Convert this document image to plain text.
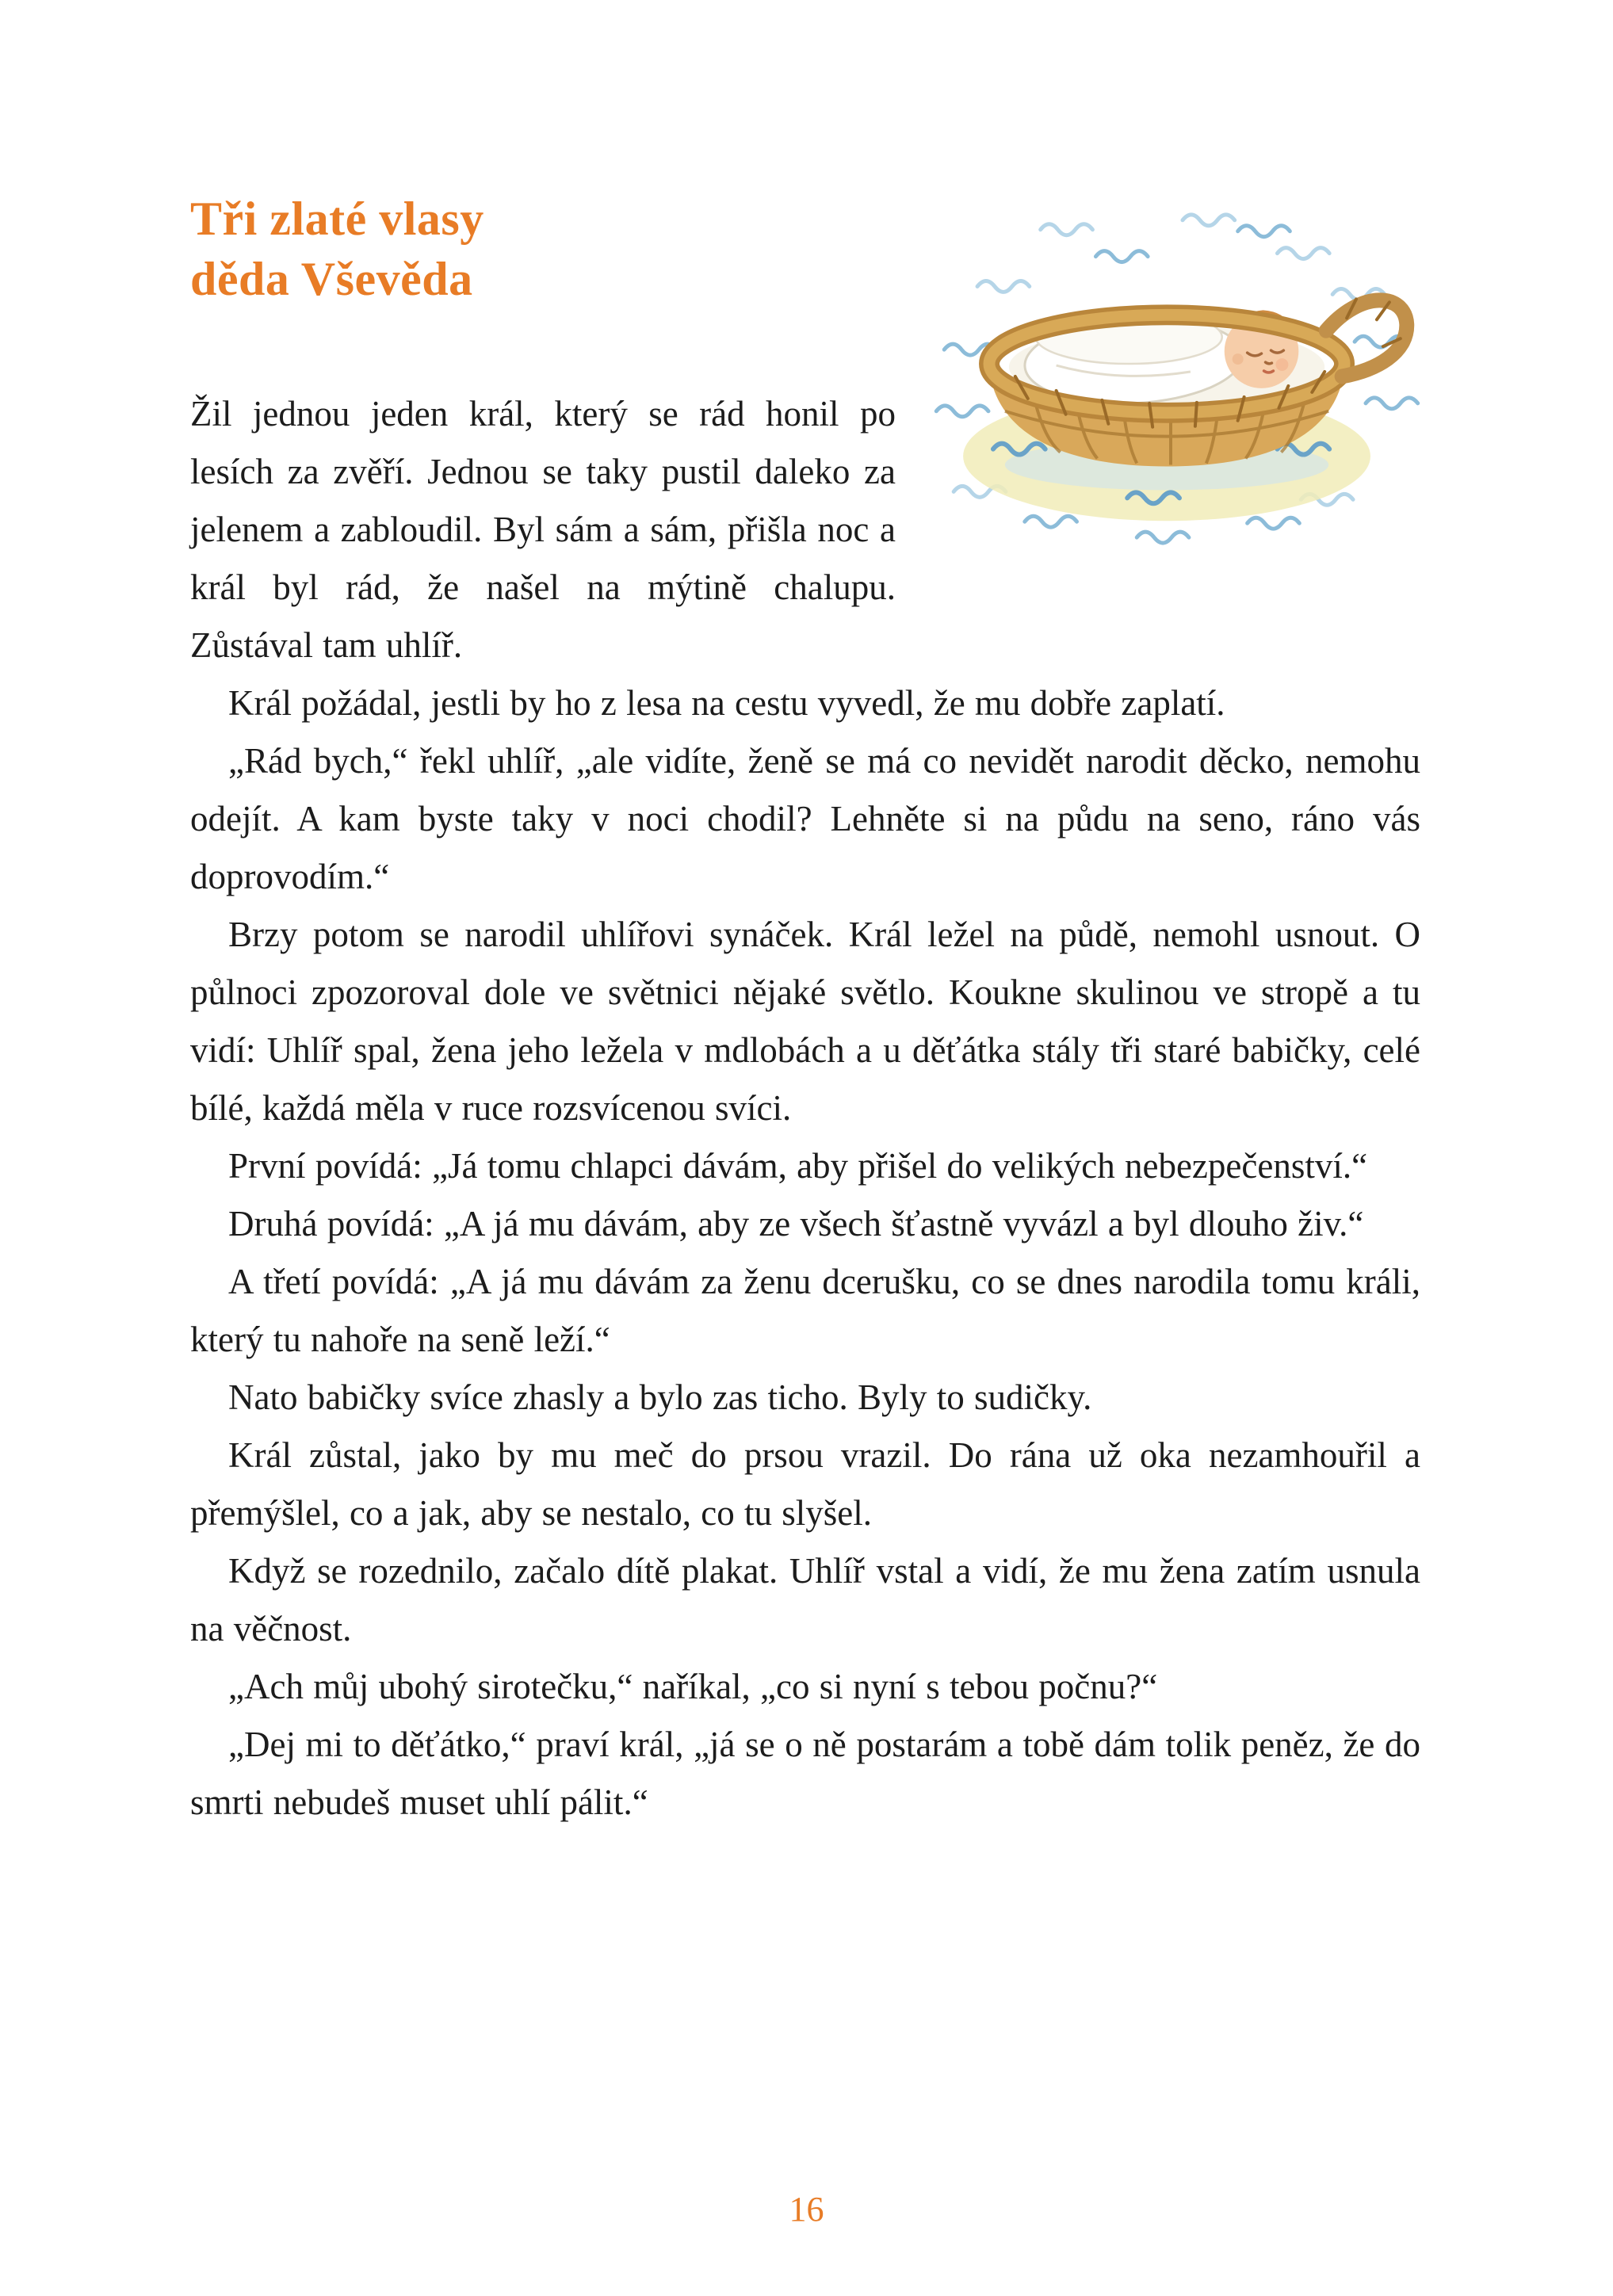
Tři zlaté vlasy
děda Vševěda

Žil jednou jeden král, který se rád honil po lesích za zvěří. Jednou se taky pustil daleko za jelenem a zabloudil. Byl sám a sám, přišla noc a král byl rád, že našel na mýtině chalupu. Zůstával tam uhlíř.

Král požádal, jestli by ho z lesa na cestu vyvedl, že mu dobře zaplatí.

„Rád bych,“ řekl uhlíř, „ale vidíte, ženě se má co nevidět narodit děcko, nemohu odejít. A kam byste taky v noci chodil? Lehněte si na půdu na seno, ráno vás doprovodím.“

Brzy potom se narodil uhlířovi synáček. Král ležel na půdě, nemohl usnout. O půlnoci zpozoroval dole ve světnici nějaké světlo. Koukne skulinou ve stropě a tu vidí: Uhlíř spal, žena jeho ležela v mdlobách a u děťátka stály tři staré babičky, celé bílé, každá měla v ruce rozsvícenou svíci.

První povídá: „Já tomu chlapci dávám, aby přišel do velikých nebezpečenství.“

Druhá povídá: „A já mu dávám, aby ze všech šťastně vyvázl a byl dlouho živ.“

A třetí povídá: „A já mu dávám za ženu dcerušku, co se dnes narodila tomu králi, který tu nahoře na seně leží.“

Nato babičky svíce zhasly a bylo zas ticho. Byly to sudičky.

Král zůstal, jako by mu meč do prsou vrazil. Do rána už oka nezamhouřil a přemýšlel, co a jak, aby se nestalo, co tu slyšel.

Když se rozednilo, začalo dítě plakat. Uhlíř vstal a vidí, že mu žena zatím usnula na věčnost.

„Ach můj ubohý sirotečku,“ naříkal, „co si nyní s tebou počnu?“

„Dej mi to děťátko,“ praví král, „já se o ně postarám a tobě dám tolik peněz, že do smrti nebudeš muset uhlí pálit.“

16
